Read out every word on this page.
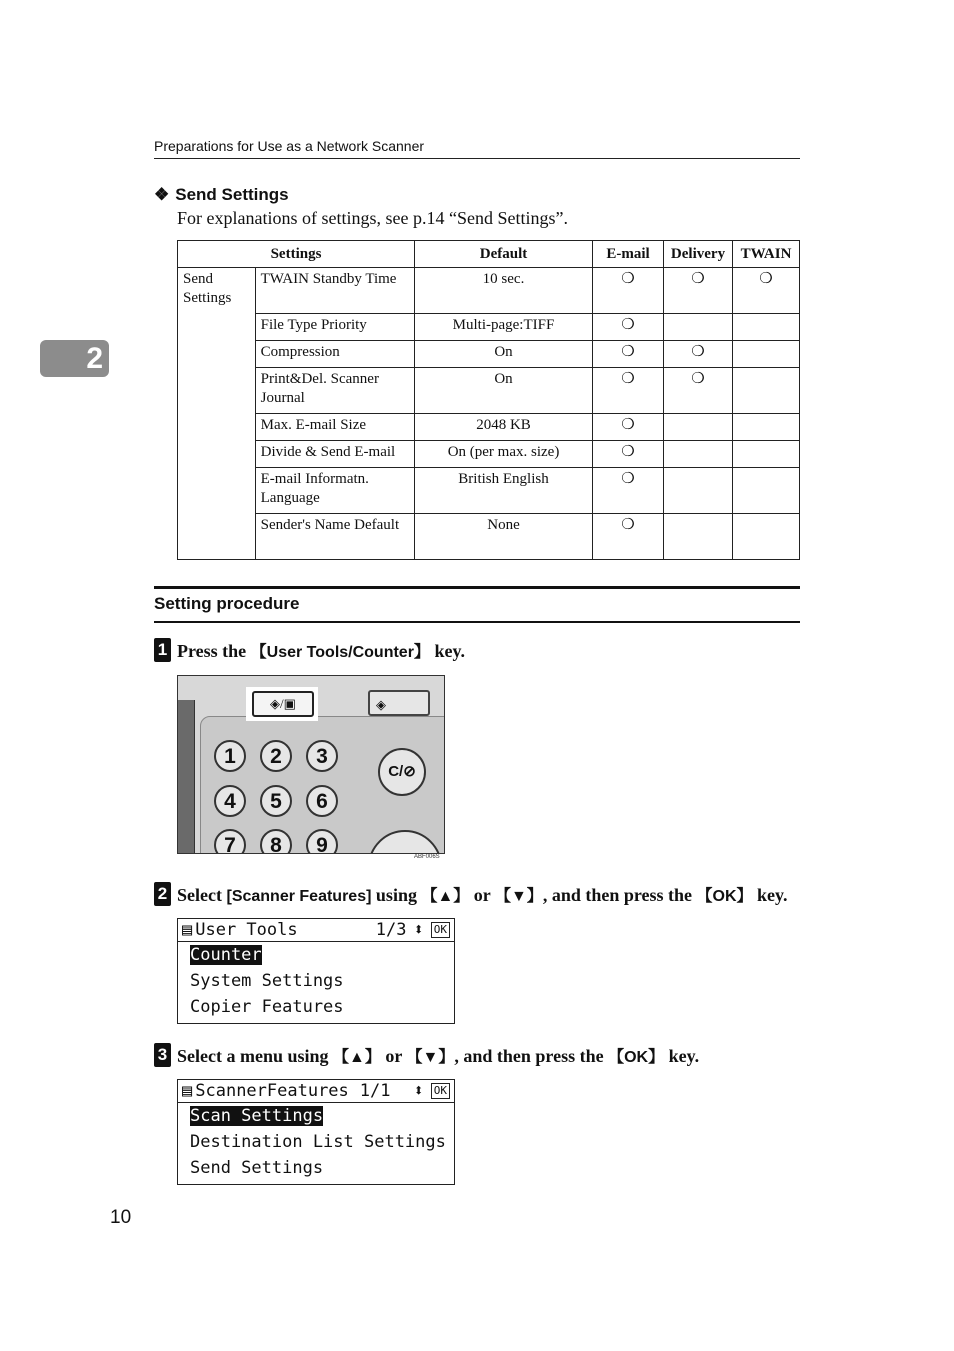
Preparations for Use as a Network Scanner
2
❖ Send Settings
For explanations of settings, see p.14 “Send Settings”.
Settings		Default	E-mail	Delivery	TWAIN
Send Settings	TWAIN Standby Time	10 sec.	❍	❍	❍
	File Type Priority	Multi-page:TIFF	❍		
	Compression	On	❍	❍	
	Print&Del. Scanner Journal	On	❍	❍	
	Max. E-mail Size	2048 KB	❍		
	Divide & Send E-mail	On (per max. size)	❍		
	E-mail Informatn. Language	British English	❍		
	Sender's Name Default	None	❍		
Setting procedure
1 Press the 【User Tools/Counter】 key.
◈/▣	◈
1	2	3
4	5	6
7	8	9
C/⊘
ABF006S
2 Select [Scanner Features] using 【▲】 or 【▼】, and then press the 【OK】 key.
▤ User Tools	1/3 ⬍ OK
Counter
System Settings
Copier Features
3 Select a menu using 【▲】 or 【▼】, and then press the 【OK】 key.
▤ ScannerFeatures 1/1 ⬍ OK
Scan Settings
Destination List Settings
Send Settings
10
